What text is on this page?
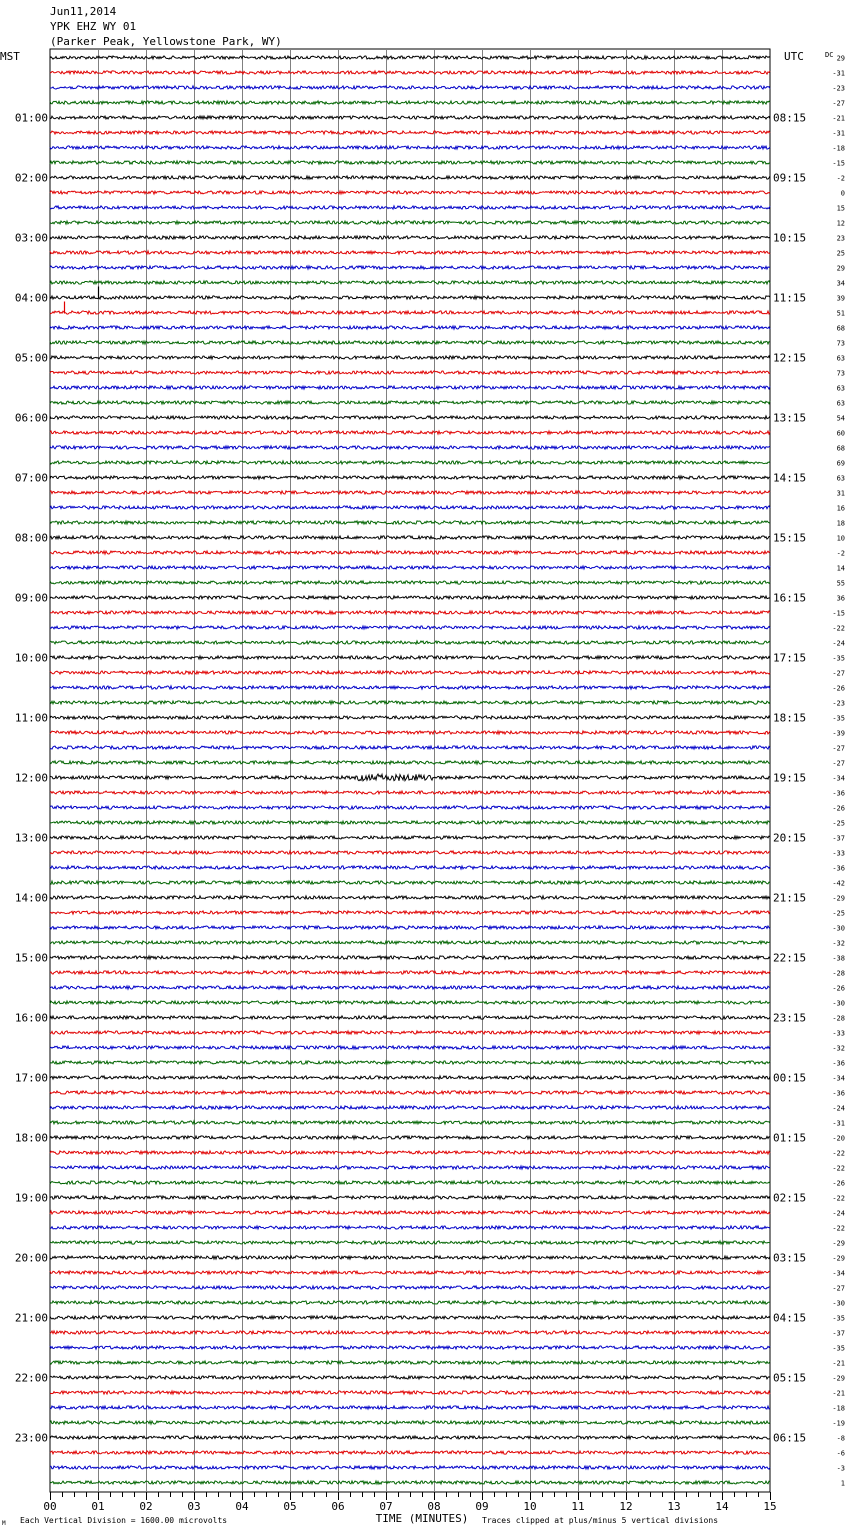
Jun11,2014
YPK EHZ WY 01
(Parker Peak, Yellowstone Park, WY)
29
-31
-23
-27
-21
-31
-18
-15
-2
0
15
12
23
25
29
34
39
51
68
73
63
73
63
63
54
60
68
69
63
31
16
18
10
-2
14
55
36
-15
-22
-24
-35
-27
-26
-23
-35
-39
-27
-27
-34
-36
-26
-25
-37
-33
-36
-42
-29
-25
-30
-32
-38
-28
-26
-30
-28
-33
-32
-36
-34
-36
-24
-31
-20
-22
-22
-26
-22
-24
-22
-29
-29
-34
-27
-30
-35
-37
-35
-21
-29
-21
-18
-19
-8
-6
-3
1
MST	UTC	DC
01:00
02:00
03:00
04:00
05:00
06:00
07:00
08:00
09:00
10:00
11:00
12:00
13:00
14:00
15:00
16:00
17:00
18:00
19:00
20:00
21:00
22:00
23:00
08:15
09:15
10:15
11:15
12:15
13:15
14:15
15:15
16:15
17:15
18:15
19:15
20:15
21:15
22:15
23:15
00:15
01:15
02:15
03:15
04:15
05:15
06:15
00	01	02	03	04	05	06	07	08	09	10	11	12	13	14	15
TIME (MINUTES)
M Each Vertical Division = 1600.00 microvolts	Traces clipped at plus/minus 5 vertical divisions
